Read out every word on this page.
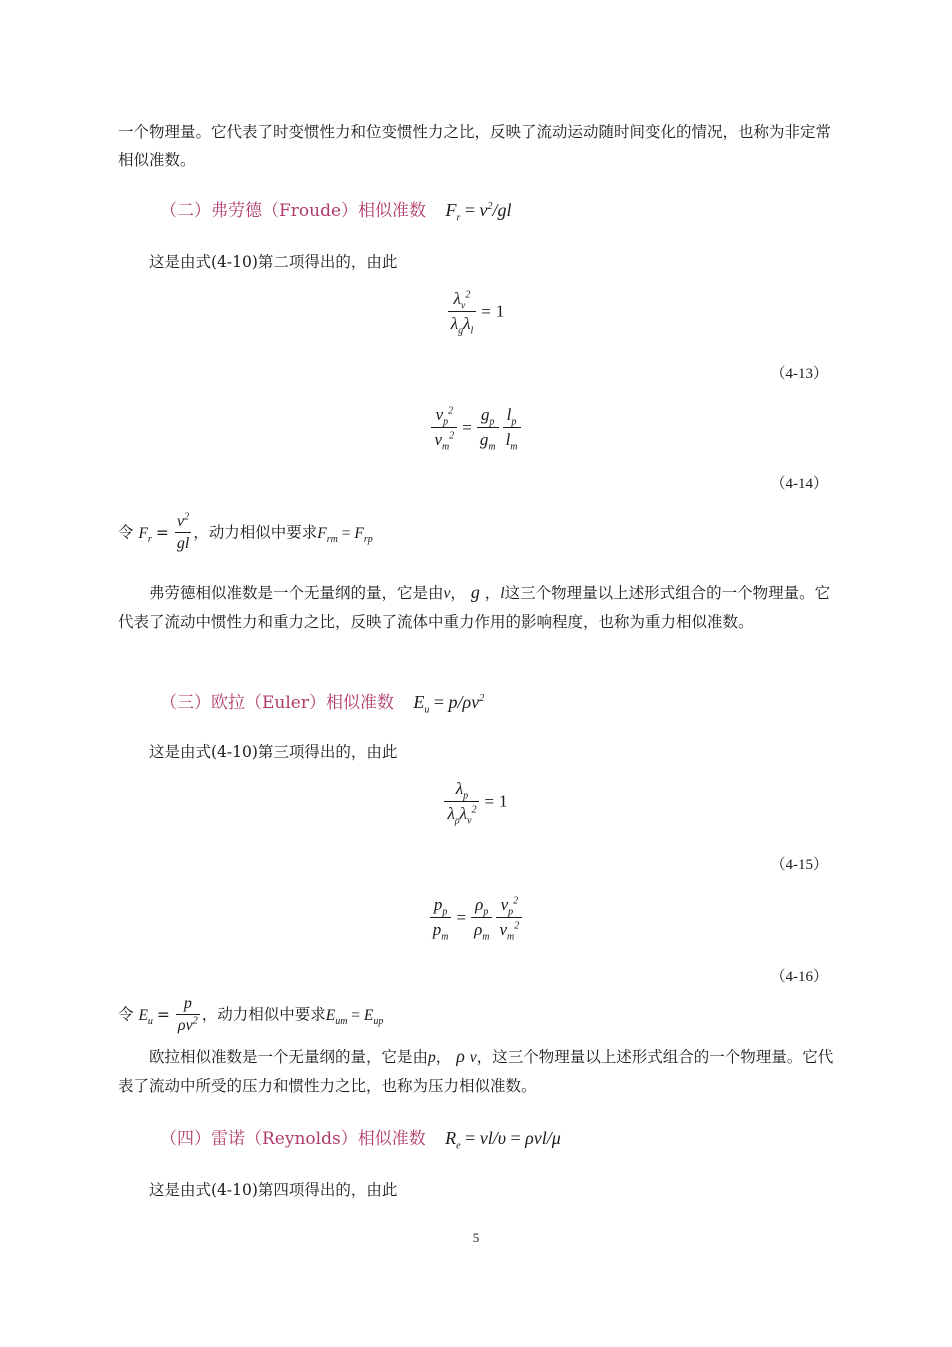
一个物理量。它代表了时变惯性力和位变惯性力之比，反映了流动运动随时间变化的情况，也称为非定常相似准数。

（二）弗劳德（Froude）相似准数 $F_r = v^2/gl$

这是由式(4-10)第二项得出的，由此

$\frac{\lambda_v^2}{\lambda_g\lambda_l} = 1$
（4-13）
$\frac{v_p^2}{v_m^2} = \frac{g_p}{g_m} \frac{l_p}{l_m}$
（4-14）
令 $F_r = \frac{v^2}{gl}$ ，动力相似中要求$F_{rm} = F_{rp}$

弗劳德相似准数是一个无量纲的量，它是由v， g ，l这三个物理量以上述形式组合的一个物理量。它代表了流动中惯性力和重力之比，反映了流体中重力作用的影响程度，也称为重力相似准数。

（三）欧拉（Euler）相似准数 $E_u = p/\rho v^2$

这是由式(4-10)第三项得出的，由此

$\frac{\lambda_p}{\lambda_\rho\lambda_v^2} = 1$
（4-15）
$\frac{p_p}{p_m} = \frac{\rho_p}{\rho_m} \frac{v_p^2}{v_m^2}$
（4-16）
令 $E_u = \frac{p}{\rho v^2}$ ，动力相似中要求$E_{um} = E_{up}$

欧拉相似准数是一个无量纲的量，它是由p， ρ v，这三个物理量以上述形式组合的一个物理量。它代表了流动中所受的压力和惯性力之比，也称为压力相似准数。

（四）雷诺（Reynolds）相似准数 $R_e = vl/\upsilon = \rho vl/\mu$

这是由式(4-10)第四项得出的，由此

5
